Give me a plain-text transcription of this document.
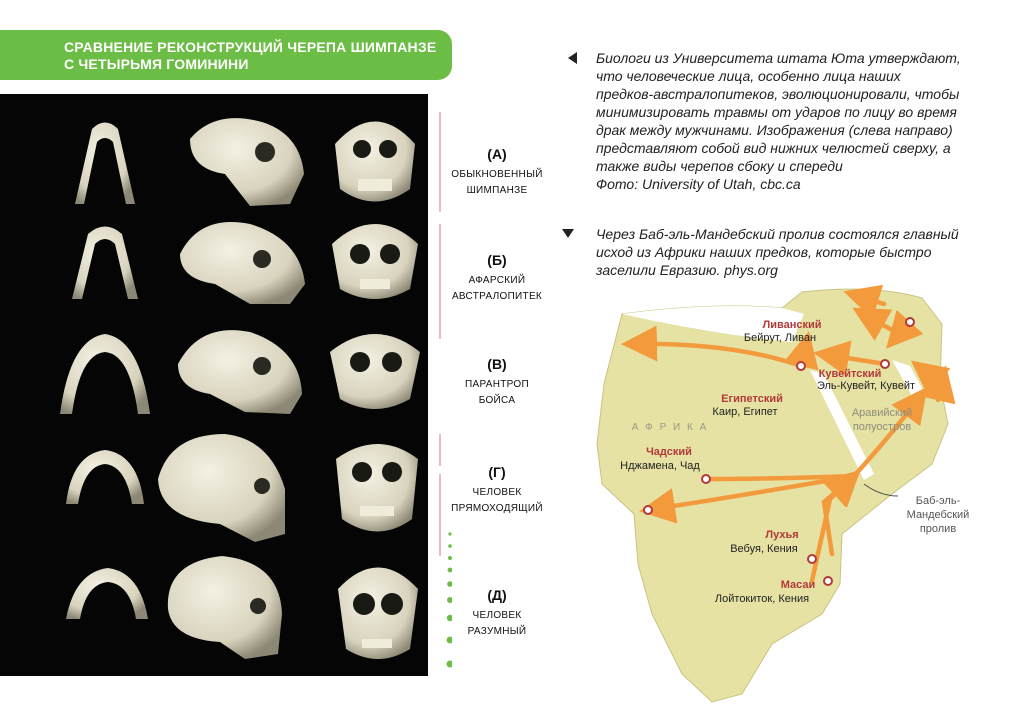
СРАВНЕНИЕ РЕКОНСТРУКЦИЙ ЧЕРЕПА ШИМПАНЗЕ
С ЧЕТЫРЬМЯ ГОМИНИНИ
(А)
ОБЫКНОВЕННЫЙ
ШИМПАНЗЕ
(Б)
АФАРСКИЙ
АВСТРАЛОПИТЕК
(В)
ПАРАНТРОП
БОЙСА
(Г)
ЧЕЛОВЕК
ПРЯМОХОДЯЩИЙ
(Д)
ЧЕЛОВЕК
РАЗУМНЫЙ
Биологи из Университета штата Юта утверждают,
что человеческие лица, особенно лица наших
предков-австралопитеков, эволюционировали, чтобы
минимизировать травмы от ударов по лицу во время
драк между мужчинами. Изображения (слева направо)
представляют собой вид нижних челюстей сверху, а
также виды черепов сбоку и спереди
Фото: University of Utah, cbc.ca
Через Баб-эль-Мандебский пролив состоялся главный
исход из Африки наших предков, которые быстро
заселили Евразию. phys.org
А Ф Р И К А
Аравийский
полуостров
Баб-эль-
Мандебский
пролив
Ливанский
Бейрут, Ливан
Кувейтский
Эль-Кувейт, Кувейт
Египетский
Каир, Египет
Чадский
Нджамена, Чад
Лухья
Вебуя, Кения
Масаи
Лойтокиток, Кения
